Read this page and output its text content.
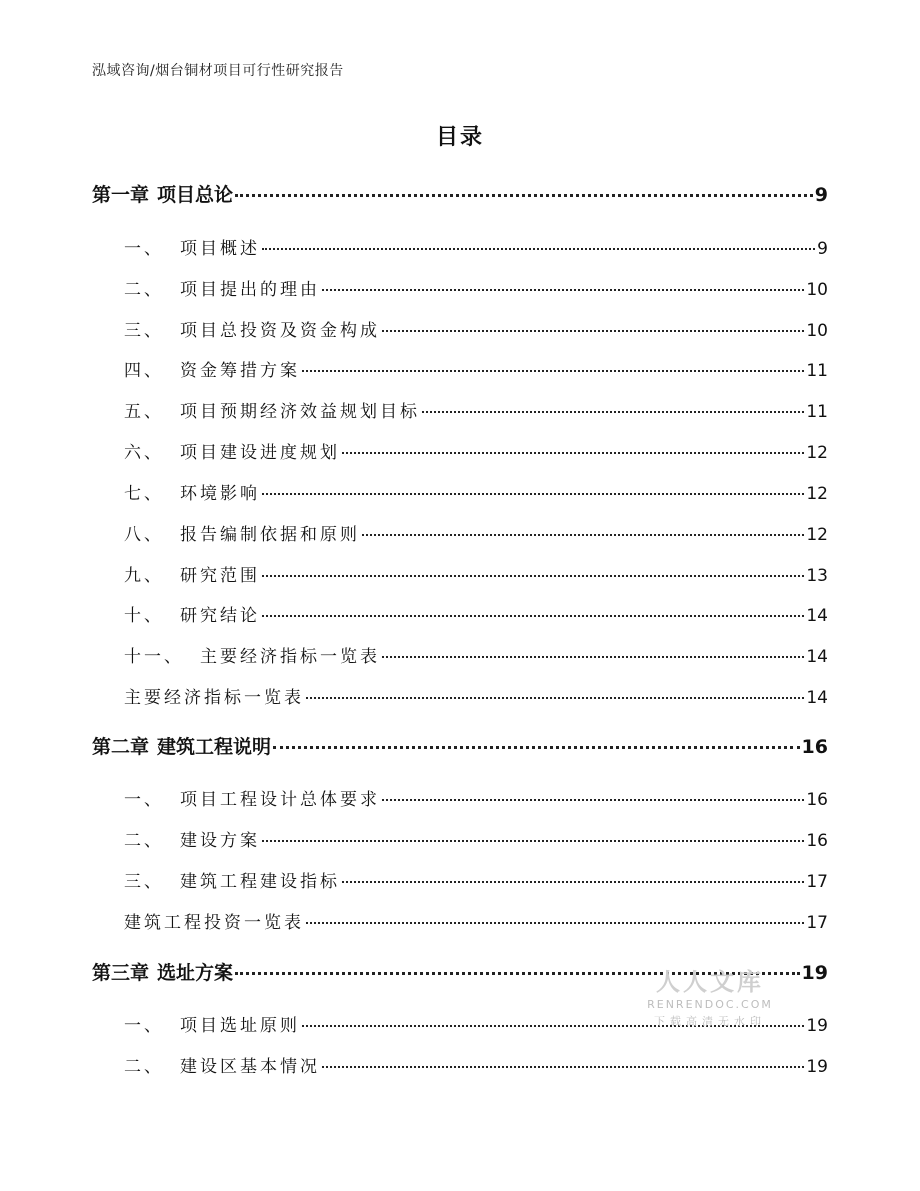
泓域咨询/烟台铜材项目可行性研究报告
目录
第一章 项目总论	9
一、 项目概述	9
二、 项目提出的理由	10
三、 项目总投资及资金构成	10
四、 资金筹措方案	11
五、 项目预期经济效益规划目标	11
六、 项目建设进度规划	12
七、 环境影响	12
八、 报告编制依据和原则	12
九、 研究范围	13
十、 研究结论	14
十一、 主要经济指标一览表	14
主要经济指标一览表	14
第二章 建筑工程说明	16
一、 项目工程设计总体要求	16
二、 建设方案	16
三、 建筑工程建设指标	17
建筑工程投资一览表	17
第三章 选址方案	19
一、 项目选址原则	19
二、 建设区基本情况	19
人人文库
RENRENDOC.COM
下载高清无水印
